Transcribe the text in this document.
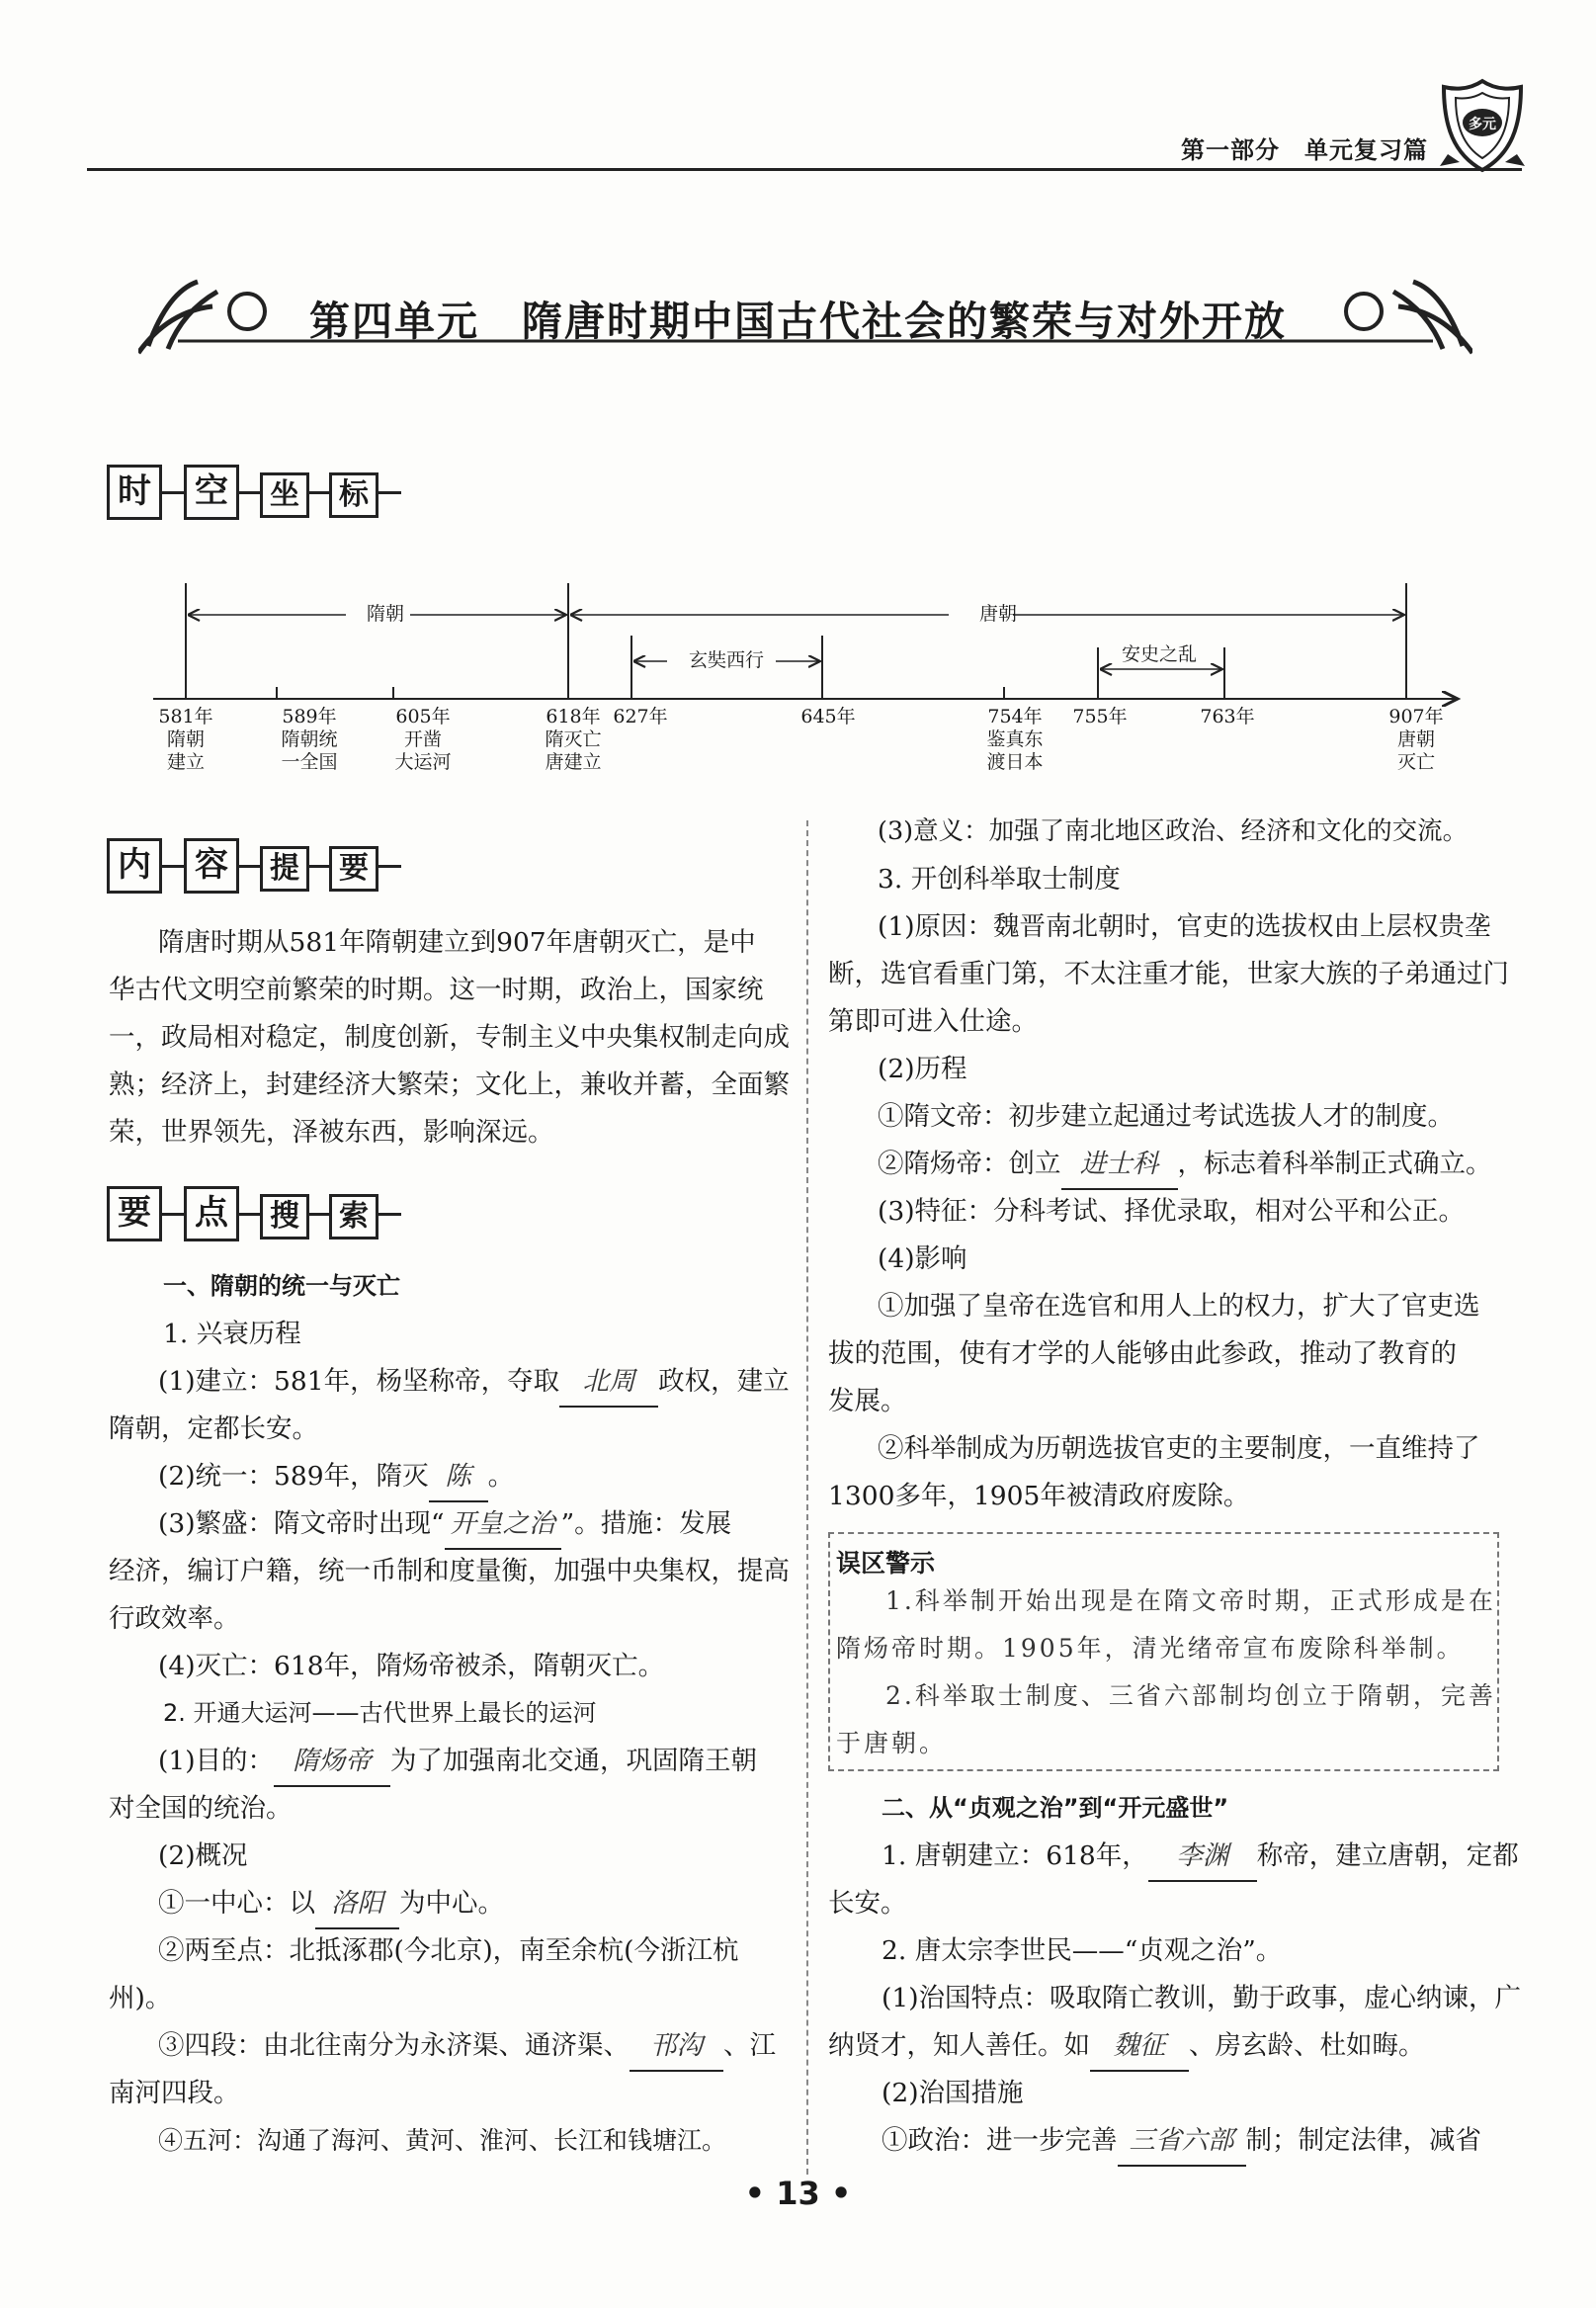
第一部分　单元复习篇
多元
第四单元　隋唐时期中国古代社会的繁荣与对外开放
时	空	坐	标
隋朝	唐朝
玄奘西行	安史之乱
581年
隋朝
建立
589年
隋朝统
一全国
605年
开凿
大运河
618年
隋灭亡
唐建立
627年	645年	754年
鉴真东
渡日本
755年	763年	907年
唐朝
灭亡
内	容	提	要
隋唐时期从581年隋朝建立到907年唐朝灭亡，是中
华古代文明空前繁荣的时期。这一时期，政治上，国家统
一，政局相对稳定，制度创新，专制主义中央集权制走向成
熟；经济上，封建经济大繁荣；文化上，兼收并蓄，全面繁
荣，世界领先，泽被东西，影响深远。
要	点	搜	索
一、隋朝的统一与灭亡
1. 兴衰历程
(1)建立：581年，杨坚称帝，夺取 北周 政权，建立
隋朝，定都长安。
(2)统一：589年，隋灭 陈 。
(3)繁盛：隋文帝时出现“ 开皇之治 ”。措施：发展
经济，编订户籍，统一币制和度量衡，加强中央集权，提高
行政效率。
(4)灭亡：618年，隋炀帝被杀，隋朝灭亡。
2. 开通大运河——古代世界上最长的运河
(1)目的： 隋炀帝 为了加强南北交通，巩固隋王朝
对全国的统治。
(2)概况
①一中心：以 洛阳 为中心。
②两至点：北抵涿郡(今北京)，南至余杭(今浙江杭
州)。
③四段：由北往南分为永济渠、通济渠、 邗沟 、江
南河四段。
④五河：沟通了海河、黄河、淮河、长江和钱塘江。
(3)意义：加强了南北地区政治、经济和文化的交流。
3. 开创科举取士制度
(1)原因：魏晋南北朝时，官吏的选拔权由上层权贵垄
断，选官看重门第，不太注重才能，世家大族的子弟通过门
第即可进入仕途。
(2)历程
①隋文帝：初步建立起通过考试选拔人才的制度。
②隋炀帝：创立 进士科 ，标志着科举制正式确立。
(3)特征：分科考试、择优录取，相对公平和公正。
(4)影响
①加强了皇帝在选官和用人上的权力，扩大了官吏选
拔的范围，使有才学的人能够由此参政，推动了教育的
发展。
②科举制成为历朝选拔官吏的主要制度，一直维持了
1300多年，1905年被清政府废除。
误区警示
1.科举制开始出现是在隋文帝时期，正式形成是在
隋炀帝时期。1905年，清光绪帝宣布废除科举制。
2.科举取士制度、三省六部制均创立于隋朝，完善
于唐朝。
二、从“贞观之治”到“开元盛世”
1. 唐朝建立：618年， 李渊 称帝，建立唐朝，定都
长安。
2. 唐太宗李世民——“贞观之治”。
(1)治国特点：吸取隋亡教训，勤于政事，虚心纳谏，广
纳贤才，知人善任。如 魏征 、房玄龄、杜如晦。
(2)治国措施
①政治：进一步完善 三省六部 制；制定法律，减省
• 13 •
